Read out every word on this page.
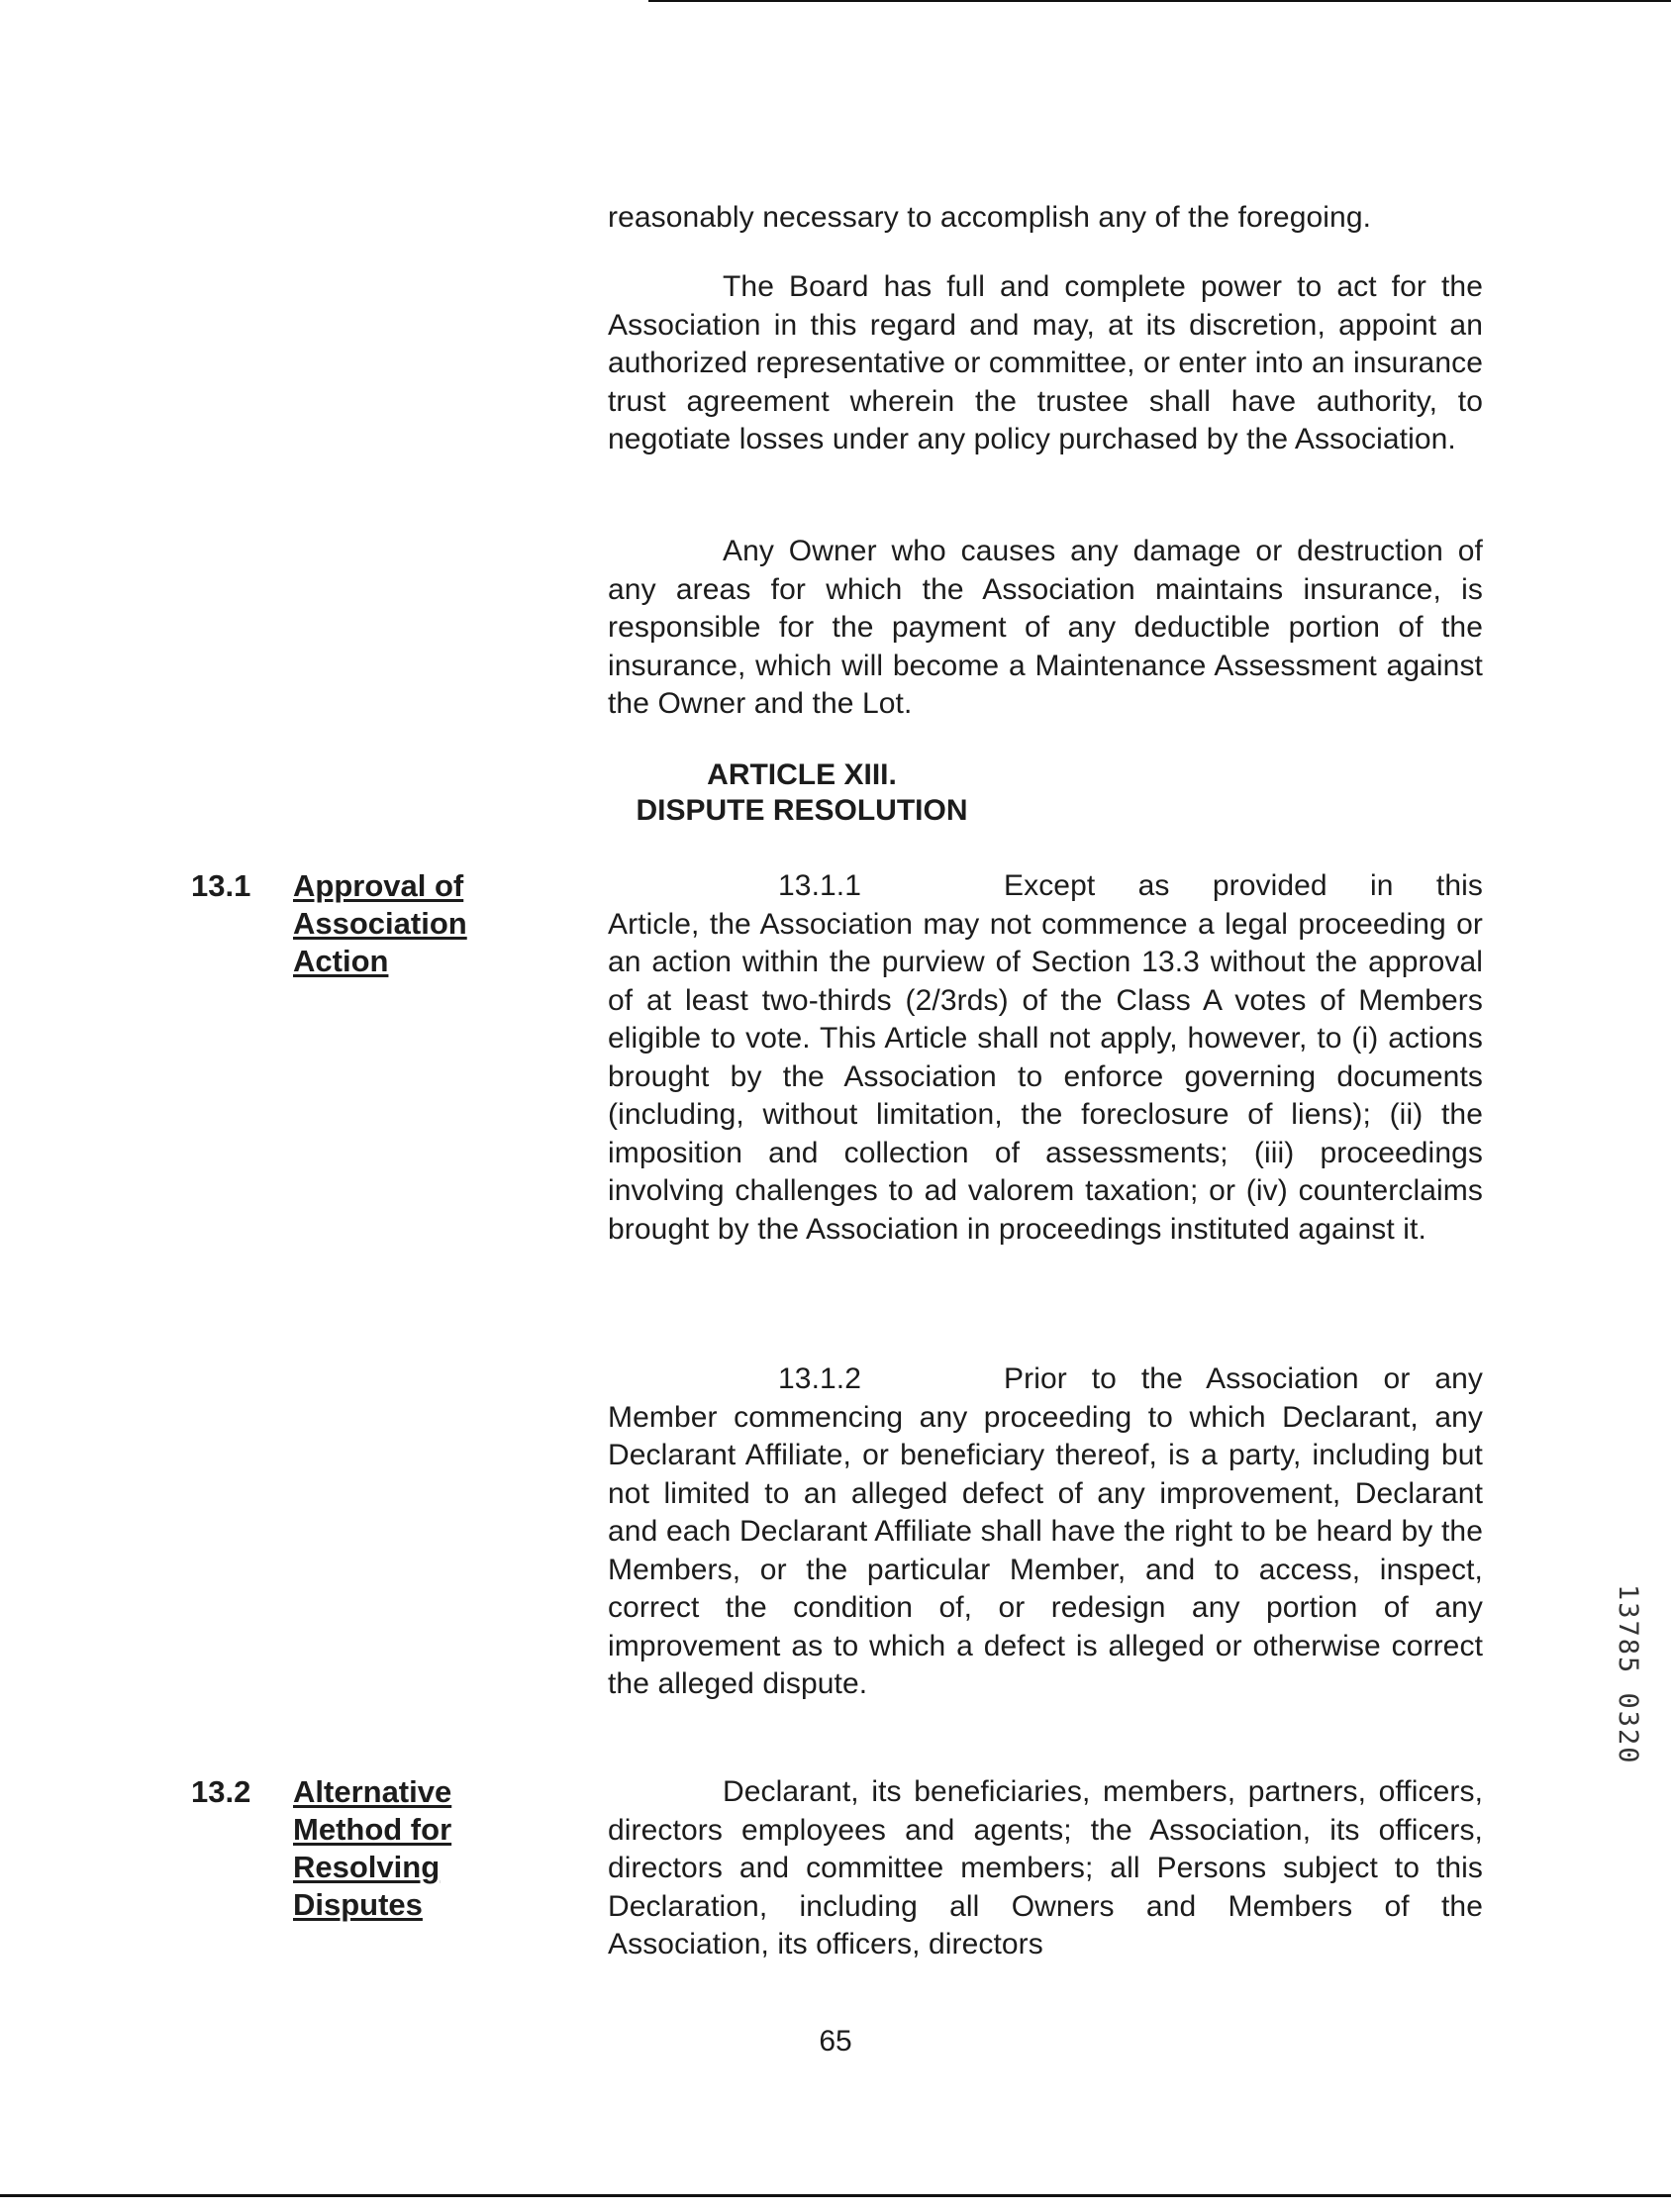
reasonably necessary to accomplish any of the foregoing.

The Board has full and complete power to act for the Association in this regard and may, at its discretion, appoint an authorized representative or committee, or enter into an insurance trust agreement wherein the trustee shall have authority, to negotiate losses under any policy purchased by the Association.

Any Owner who causes any damage or destruction of any areas for which the Association maintains insurance, is responsible for the payment of any deductible portion of the insurance, which will become a Maintenance Assessment against the Owner and the Lot.

ARTICLE XIII.
DISPUTE RESOLUTION
13.1 Approval of
Association
Action

13.1.1	Except as provided in this Article, the Association may not commence a legal proceeding or an action within the purview of Section 13.3 without the approval of at least two-thirds (2/3rds) of the Class A votes of Members eligible to vote. This Article shall not apply, however, to (i) actions brought by the Association to enforce governing documents (including, without limitation, the foreclosure of liens); (ii) the imposition and collection of assessments; (iii) proceedings involving challenges to ad valorem taxation; or (iv) counterclaims brought by the Association in proceedings instituted against it.

13.1.2	Prior to the Association or any Member commencing any proceeding to which Declarant, any Declarant Affiliate, or beneficiary thereof, is a party, including but not limited to an alleged defect of any improvement, Declarant and each Declarant Affiliate shall have the right to be heard by the Members, or the particular Member, and to access, inspect, correct the condition of, or redesign any portion of any improvement as to which a defect is alleged or otherwise correct the alleged dispute.

13.2 Alternative
Method for
Resolving
Disputes

Declarant, its beneficiaries, members, partners, officers, directors employees and agents; the Association, its officers, directors and committee members; all Persons subject to this Declaration, including all Owners and Members of the Association, its officers, directors

65
13785 0320
